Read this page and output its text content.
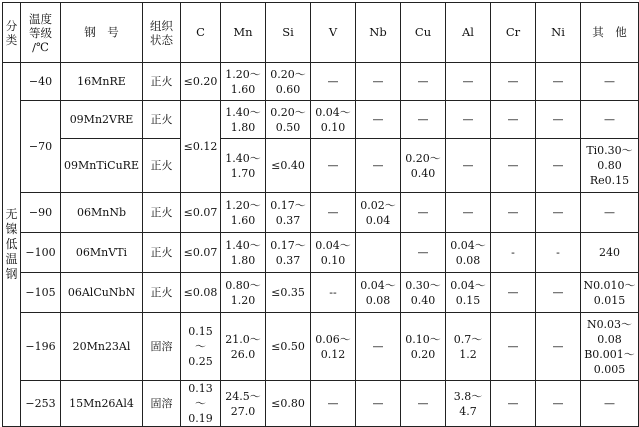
分类	温度
等级
/℃	钢　号	组织
状态	C	Mn	Si	V	Nb	Cu	Al	Cr	Ni	其　他

无
镍
低
温
钢	−40	16MnRE	正火	≤0.20	1.20～
1.60	0.20～
0.60	—	—	—	—	—	—	—

	−70	09Mn2VRE	正火	≤0.12	1.40～
1.80	0.20～
0.50	0.04～
0.10	—	—	—	—	—	—

		09MnTiCuRE	正火		1.40～
1.70	≤0.40	—	—	0.20～
0.40	—	—	—	Ti0.30～
0.80
Re0.15

	−90	06MnNb	正火	≤0.07	1.20～
1.60	0.17～
0.37	—	0.02～
0.04	—	—	—	—	—

	−100	06MnVTi	正火	≤0.07	1.40～
1.80	0.17～
0.37	0.04～
0.10		—	0.04～
0.08	-	-	240

	−105	06AlCuNbN	正火	≤0.08	0.80～
1.20	≤0.35	--	0.04～
0.08	0.30～
0.40	0.04～
0.15	—	—	N0.010～
0.015

	−196	20Mn23Al	固溶	0.15～
0.25	21.0～
26.0	≤0.50	0.06～
0.12	—	0.10～
0.20	0.7～
1.2	—	—	N0.03～
0.08
B0.001～
0.005

	−253	15Mn26Al4	固溶	0.13～
0.19	24.5～
27.0	≤0.80	—	—	—	3.8～
4.7	—	—	—
